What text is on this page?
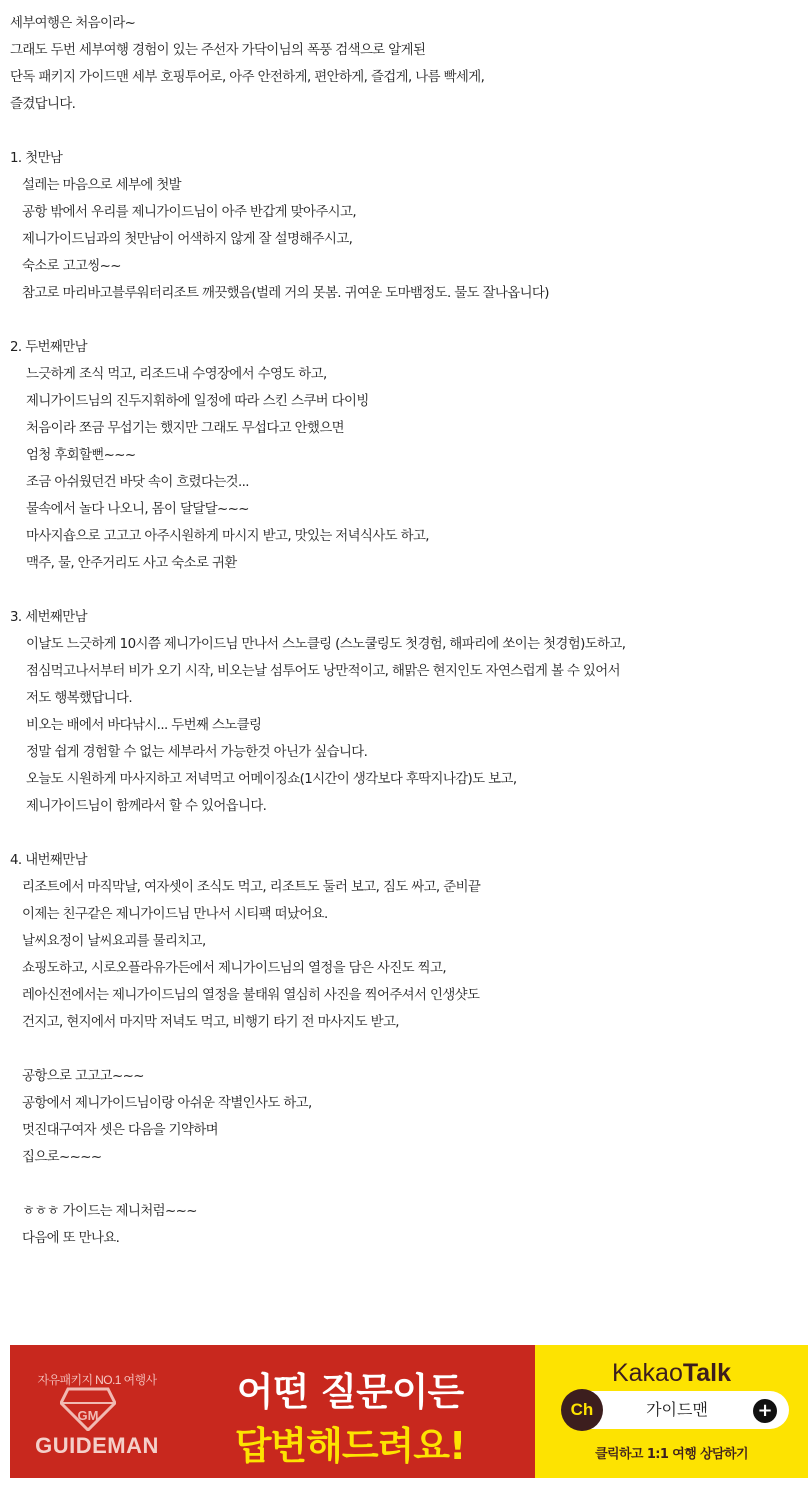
세부여행은 처음이라~
그래도 두번 세부여행 경험이 있는 주선자 가닥이님의 폭풍 검색으로 알게된
단독 패키지 가이드맨 세부 호핑투어로, 아주 안전하게, 편안하게, 즐겁게, 나름 빡세게,
즐겼답니다.
1. 첫만남
설레는 마음으로 세부에 첫발
공항 밖에서 우리를 제니가이드님이 아주 반갑게 맞아주시고,
제니가이드님과의 첫만남이 어색하지 않게 잘 설명해주시고,
숙소로 고고씽~~
참고로 마리바고블루워터리조트 깨끗했음(벌레 거의 못봄. 귀여운 도마뱀정도. 물도 잘나옵니다)
2. 두번째만남
느긋하게 조식 먹고, 리조드내 수영장에서 수영도 하고,
제니가이드님의 진두지휘하에 일정에 따라 스킨 스쿠버 다이빙
처음이라 쪼금 무섭기는 했지만 그래도 무섭다고 안했으면
엄청 후회할뻔~~~
조금 아쉬웠던건 바닷 속이 흐렸다는것...
물속에서 놀다 나오니, 몸이 달달달~~~
마사지숍으로 고고고 아주시원하게 마시지 받고, 맛있는 저녁식사도 하고,
맥주, 물, 안주거리도 사고 숙소로 귀환
3. 세번째만남
이날도 느긋하게 10시쯤 제니가이드님 만나서 스노클링 (스노쿨링도 첫경험, 해파리에 쏘이는 첫경험)도하고,
점심먹고나서부터 비가 오기 시작, 비오는날 섬투어도 낭만적이고, 해맑은 현지인도 자연스럽게 볼 수 있어서
저도 행복했답니다.
비오는 배에서 바다낚시... 두번째 스노클링
정말 쉽게 경험할 수 없는 세부라서 가능한것 아닌가 싶습니다.
오늘도 시원하게 마사지하고 저녁먹고 어메이징쇼(1시간이 생각보다 후딱지나감)도 보고,
제니가이드님이 함께라서 할 수 있어읍니다.
4. 내번째만남
리조트에서 마직막날, 여자셋이 조식도 먹고, 리조트도 둘러 보고, 짐도 싸고, 준비끝
이제는 친구같은 제니가이드님 만나서 시티팩 떠났어요.
날씨요정이 날씨요괴를 물리치고,
쇼핑도하고, 시로오플라유가든에서 제니가이드님의 열정을 담은 사진도 찍고,
레아신전에서는 제니가이드님의 열정을 불태워 열심히 사진을 찍어주셔서 인생샷도
건지고, 현지에서 마지막 저녁도 먹고, 비행기 타기 전 마사지도 받고,
공항으로 고고고~~~
공항에서 제니가이드님이랑 아쉬운 작별인사도 하고,
멋진대구여자 셋은 다음을 기약하며
집으로~~~~
ㅎㅎㅎ 가이드는 제니처럼~~~
다음에 또 만나요.
자유패키지 NO.1 여행사
GM
GUIDEMAN
어떤 질문이든
답변해드려요!
KakaoTalk
Ch	가이드맨	+
클릭하고 1:1 여행 상담하기
